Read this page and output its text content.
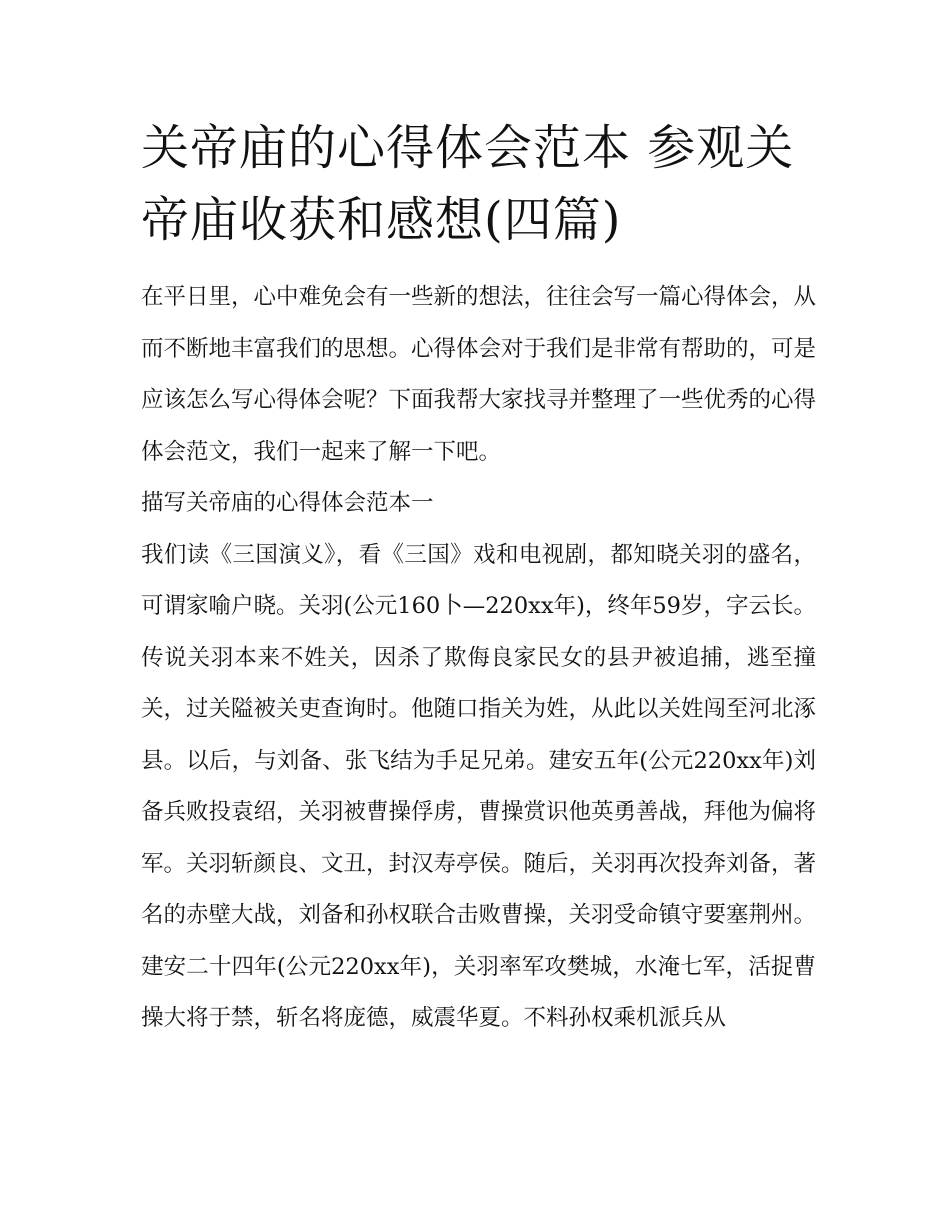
关帝庙的心得体会范本 参观关帝庙收获和感想(四篇)

在平日里，心中难免会有一些新的想法，往往会写一篇心得体会，从而不断地丰富我们的思想。心得体会对于我们是非常有帮助的，可是应该怎么写心得体会呢？下面我帮大家找寻并整理了一些优秀的心得体会范文，我们一起来了解一下吧。

描写关帝庙的心得体会范本一

我们读《三国演义》，看《三国》戏和电视剧，都知晓关羽的盛名，可谓家喻户晓。关羽(公元160卜—220xx年)，终年59岁，字云长。传说关羽本来不姓关，因杀了欺侮良家民女的县尹被追捕，逃至撞关，过关隘被关吏查询时。他随口指关为姓，从此以关姓闯至河北涿县。以后，与刘备、张飞结为手足兄弟。建安五年(公元220xx年)刘备兵败投袁绍，关羽被曹操俘虏，曹操赏识他英勇善战，拜他为偏将军。关羽斩颜良、文丑，封汉寿亭侯。随后，关羽再次投奔刘备，著名的赤壁大战，刘备和孙权联合击败曹操，关羽受命镇守要塞荆州。建安二十四年(公元220xx年)，关羽率军攻樊城，水淹七军，活捉曹操大将于禁，斩名将庞德，威震华夏。不料孙权乘机派兵从
